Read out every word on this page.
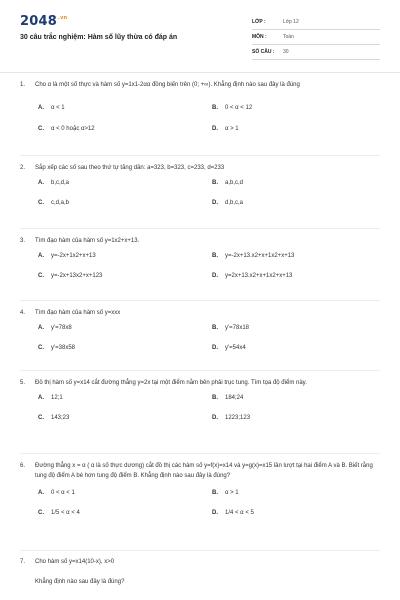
$2048^{.vn}$
30 câu trắc nghiệm: Hàm số lũy thừa có đáp án
LỚP :	Lớp 12
MÔN :	Toán
SỐ CÂU :	30
1.	Cho α là một số thực và hàm số y=1x1-2αα đồng biến trên (0; +∞). Khẳng định nào sau đây là đúng
A.	α < 1	B.	0 < α < 12
C.	α < 0 hoặc α>12	D.	α > 1
2.	Sắp xếp các số sau theo thứ tự tăng dần: a=323, b=323, c=233, d=233
A.	b,c,d,a	B.	a,b,c,d
C.	c,d,a,b	D.	d,b,c,a
3.	Tìm đạo hàm của hàm số y=1x2+x+13.
A.	y=-2x+1x2+x+13	B.	y=-2x+13.x2+x+1x2+x+13
C.	y=-2x+13x2+x+123	D.	y=2x+13.x2+x+1x2+x+13
4.	Tìm đạo hàm của hàm số y=xxx
A.	y'=78x8	B.	y'=78x18
C.	y'=38x58	D.	y'=54x4
5.	Đồ thị hàm số y=x14 cắt đường thẳng y=2x tại một điểm nằm bên phải trục tung. Tìm tọa độ điểm này.
A.	12;1	B.	184;24
C.	143;23	D.	1223;123
6.	Đường thẳng x = α ( α là số thực dương) cắt đồ thị các hàm số y=f(x)=x14 và y=g(x)=x15 lần lượt tại hai điểm A và B. Biết rằng tung độ điểm A bé hơn tung độ điểm B. Khẳng định nào sau đây là đúng?
A.	0 < α < 1	B.	α > 1
C.	1/5 < α < 4	D.	1/4 < α < 5
7.	Cho hàm số y=x14(10-x), x>0
Khẳng định nào sau đây là đúng?
